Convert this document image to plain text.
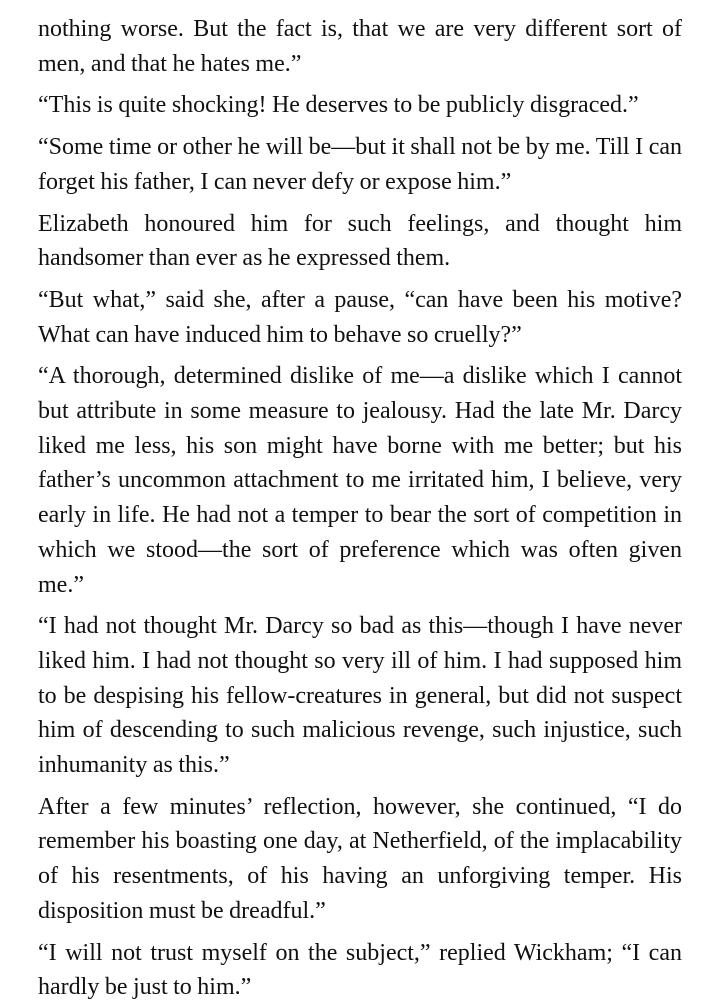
nothing worse. But the fact is, that we are very different sort of men, and that he hates me.”

“This is quite shocking! He deserves to be publicly disgraced.”

“Some time or other he will be—but it shall not be by me. Till I can forget his father, I can never defy or expose him.”

Elizabeth honoured him for such feelings, and thought him handsomer than ever as he expressed them.

“But what,” said she, after a pause, “can have been his motive? What can have induced him to behave so cruelly?”

“A thorough, determined dislike of me—a dislike which I cannot but attribute in some measure to jealousy. Had the late Mr. Darcy liked me less, his son might have borne with me better; but his father’s uncommon attachment to me irritated him, I believe, very early in life. He had not a temper to bear the sort of competition in which we stood—the sort of preference which was often given me.”

“I had not thought Mr. Darcy so bad as this—though I have never liked him. I had not thought so very ill of him. I had supposed him to be despising his fellow-creatures in general, but did not suspect him of descending to such malicious revenge, such injustice, such inhumanity as this.”

After a few minutes’ reflection, however, she continued, “I do remember his boasting one day, at Netherfield, of the implacability of his resentments, of his having an unforgiving temper. His disposition must be dreadful.”

“I will not trust myself on the subject,” replied Wickham; “I can hardly be just to him.”
